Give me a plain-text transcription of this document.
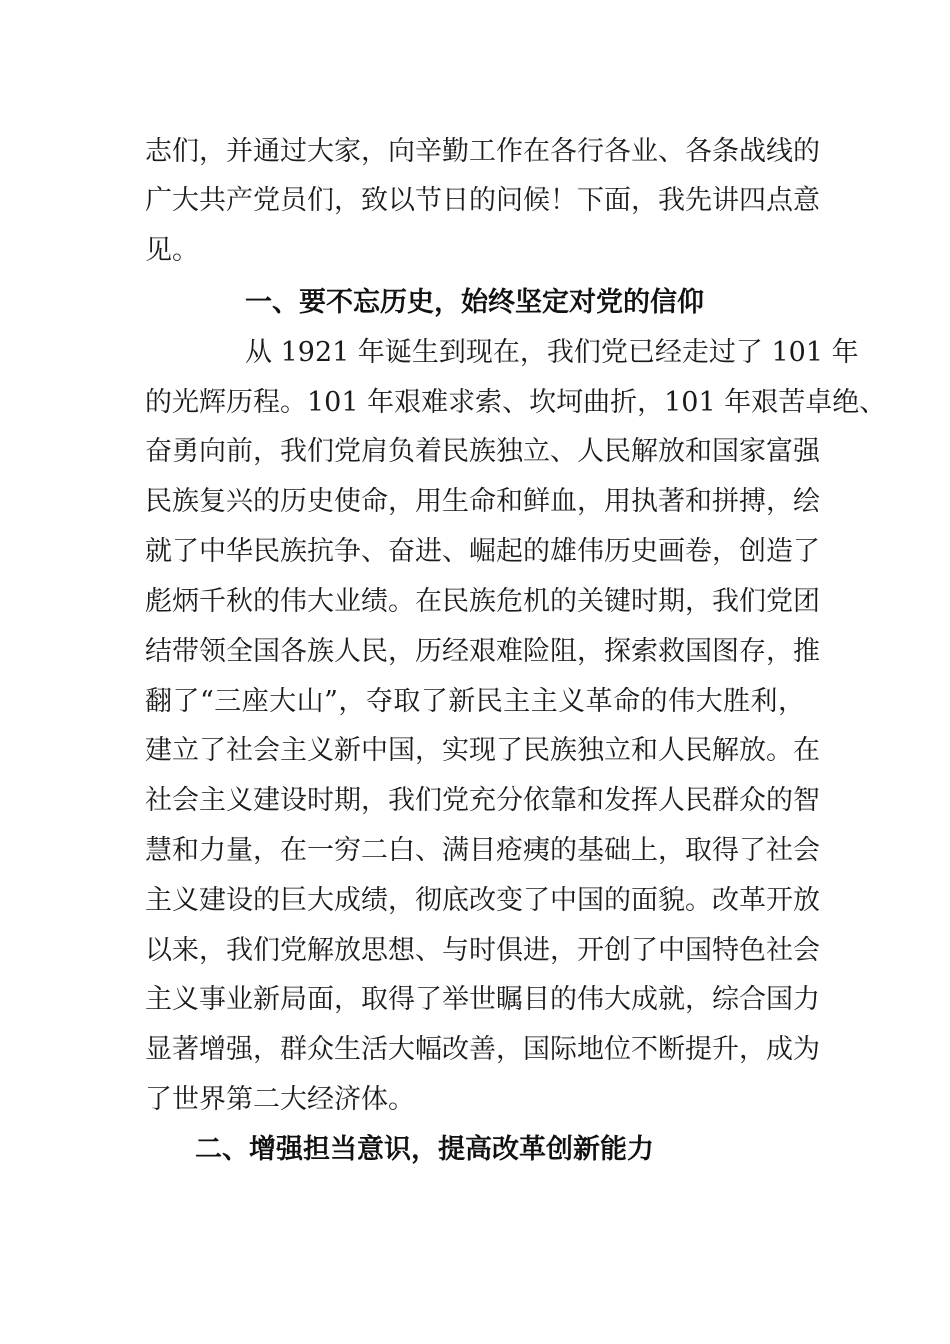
志们，并通过大家，向辛勤工作在各行各业、各条战线的
广大共产党员们，致以节日的问候！下面，我先讲四点意
见。
一、要不忘历史，始终坚定对党的信仰
从 1921 年诞生到现在，我们党已经走过了 101 年
的光辉历程。101 年艰难求索、坎坷曲折，101 年艰苦卓绝、
奋勇向前，我们党肩负着民族独立、人民解放和国家富强
民族复兴的历史使命，用生命和鲜血，用执著和拼搏，绘
就了中华民族抗争、奋进、崛起的雄伟历史画卷，创造了
彪炳千秋的伟大业绩。在民族危机的关键时期，我们党团
结带领全国各族人民，历经艰难险阻，探索救国图存，推
翻了“三座大山”，夺取了新民主主义革命的伟大胜利，
建立了社会主义新中国，实现了民族独立和人民解放。在
社会主义建设时期，我们党充分依靠和发挥人民群众的智
慧和力量，在一穷二白、满目疮痍的基础上，取得了社会
主义建设的巨大成绩，彻底改变了中国的面貌。改革开放
以来，我们党解放思想、与时俱进，开创了中国特色社会
主义事业新局面，取得了举世瞩目的伟大成就，综合国力
显著增强，群众生活大幅改善，国际地位不断提升，成为
了世界第二大经济体。
二、增强担当意识，提高改革创新能力
